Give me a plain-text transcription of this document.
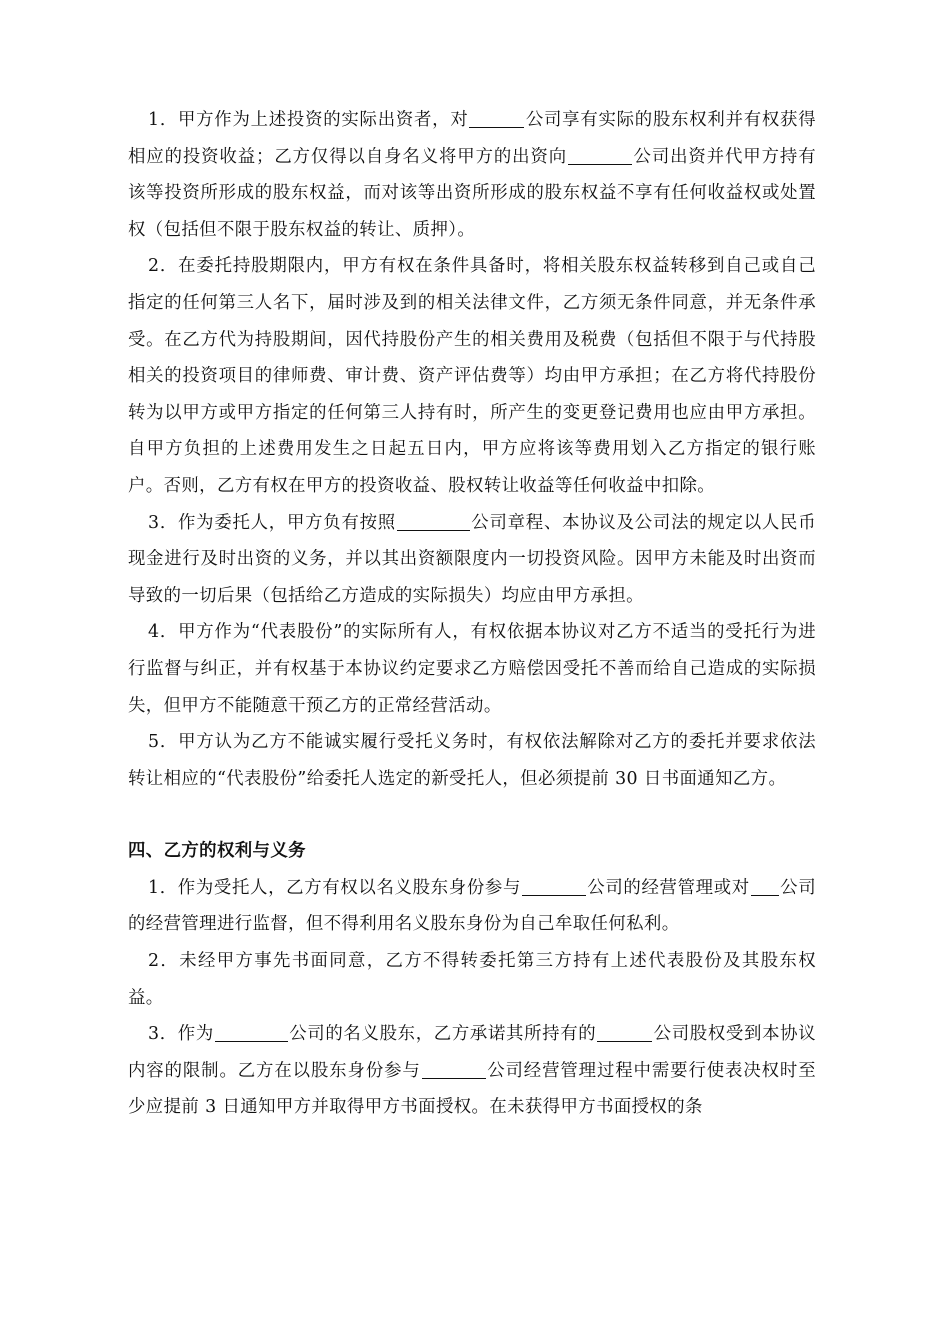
1．甲方作为上述投资的实际出资者，对	公司享有实际的股东权利并有权获得相应的投资收益；乙方仅得以自身名义将甲方的出资向	公司出资并代甲方持有该等投资所形成的股东权益，而对该等出资所形成的股东权益不享有任何收益权或处置权（包括但不限于股东权益的转让、质押）。

2．在委托持股期限内，甲方有权在条件具备时，将相关股东权益转移到自己或自己指定的任何第三人名下，届时涉及到的相关法律文件，乙方须无条件同意，并无条件承受。在乙方代为持股期间，因代持股份产生的相关费用及税费（包括但不限于与代持股相关的投资项目的律师费、审计费、资产评估费等）均由甲方承担；在乙方将代持股份转为以甲方或甲方指定的任何第三人持有时，所产生的变更登记费用也应由甲方承担。自甲方负担的上述费用发生之日起五日内，甲方应将该等费用划入乙方指定的银行账户。否则，乙方有权在甲方的投资收益、股权转让收益等任何收益中扣除。

3．作为委托人，甲方负有按照	公司章程、本协议及公司法的规定以人民币现金进行及时出资的义务，并以其出资额限度内一切投资风险。因甲方未能及时出资而导致的一切后果（包括给乙方造成的实际损失）均应由甲方承担。

4．甲方作为“代表股份”的实际所有人，有权依据本协议对乙方不适当的受托行为进行监督与纠正，并有权基于本协议约定要求乙方赔偿因受托不善而给自己造成的实际损失，但甲方不能随意干预乙方的正常经营活动。

5．甲方认为乙方不能诚实履行受托义务时，有权依法解除对乙方的委托并要求依法转让相应的“代表股份”给委托人选定的新受托人，但必须提前 30 日书面通知乙方。

四、乙方的权利与义务

1．作为受托人，乙方有权以名义股东身份参与	公司的经营管理或对 公司的经营管理进行监督，但不得利用名义股东身份为自己牟取任何私利。

2．未经甲方事先书面同意，乙方不得转委托第三方持有上述代表股份及其股东权益。

3．作为	公司的名义股东，乙方承诺其所持有的	公司股权受到本协议内容的限制。乙方在以股东身份参与	公司经营管理过程中需要行使表决权时至少应提前 3 日通知甲方并取得甲方书面授权。在未获得甲方书面授权的条
